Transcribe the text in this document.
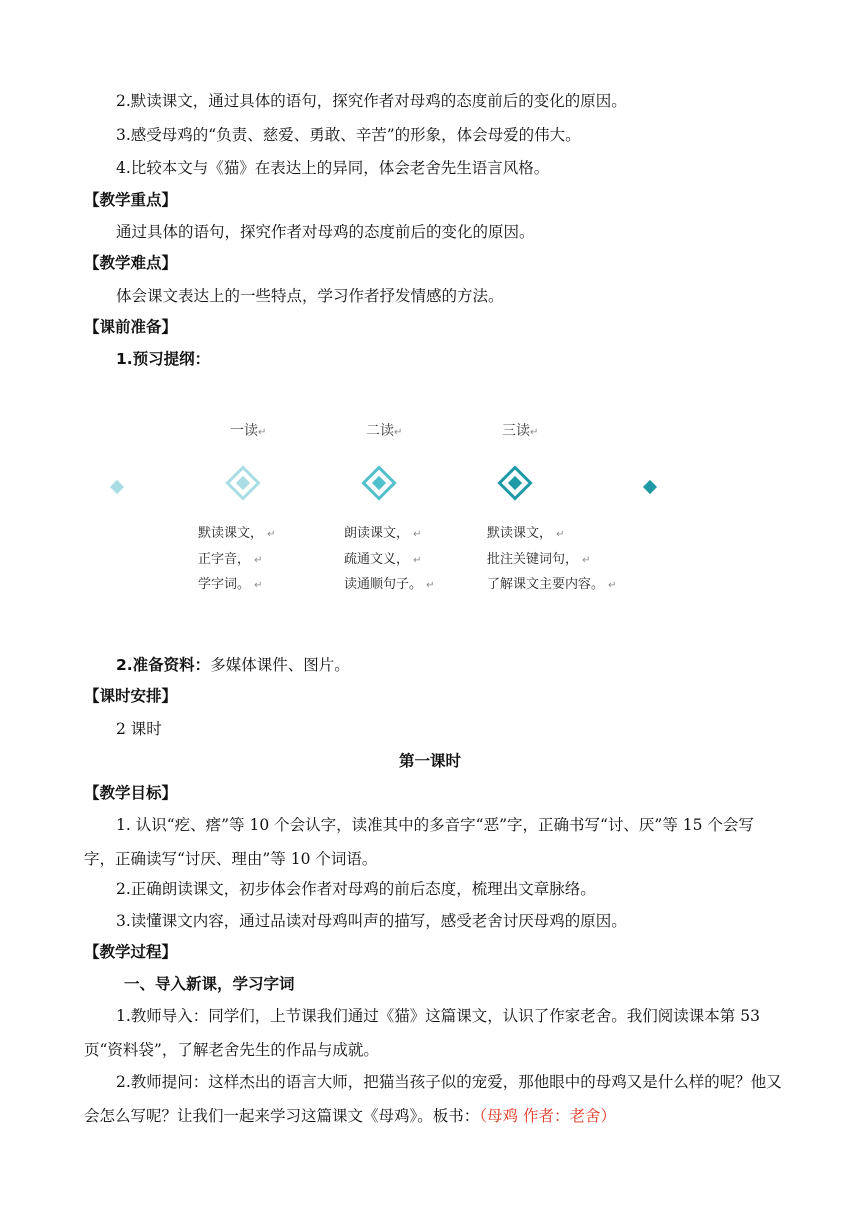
2.默读课文，通过具体的语句，探究作者对母鸡的态度前后的变化的原因。
3.感受母鸡的“负责、慈爱、勇敢、辛苦”的形象，体会母爱的伟大。
4.比较本文与《猫》在表达上的异同，体会老舍先生语言风格。
【教学重点】
通过具体的语句，探究作者对母鸡的态度前后的变化的原因。
【教学难点】
体会课文表达上的一些特点，学习作者抒发情感的方法。
【课前准备】
1.预习提纲：
一读↵	二读↵	三读↵
默读课文， ↵
正字音， ↵
学字词。 ↵
朗读课文， ↵
疏通文义， ↵
读通顺句子。 ↵
默读课文， ↵
批注关键词句， ↵
了解课文主要内容。 ↵
2.准备资料：多媒体课件、图片。
【课时安排】
2 课时
第一课时
【教学目标】
1. 认识“疙、瘩”等 10 个会认字，读准其中的多音字“恶”字，正确书写“讨、厌”等 15 个会写字，正确读写“讨厌、理由”等 10 个词语。
2.正确朗读课文，初步体会作者对母鸡的前后态度，梳理出文章脉络。
3.读懂课文内容，通过品读对母鸡叫声的描写，感受老舍讨厌母鸡的原因。
【教学过程】
一、导入新课，学习字词
1.教师导入：同学们，上节课我们通过《猫》这篇课文，认识了作家老舍。我们阅读课本第 53 页“资料袋”，了解老舍先生的作品与成就。
2.教师提问：这样杰出的语言大师，把猫当孩子似的宠爱，那他眼中的母鸡又是什么样的呢？他又会怎么写呢？让我们一起来学习这篇课文《母鸡》。板书：（母鸡 作者：老舍）
